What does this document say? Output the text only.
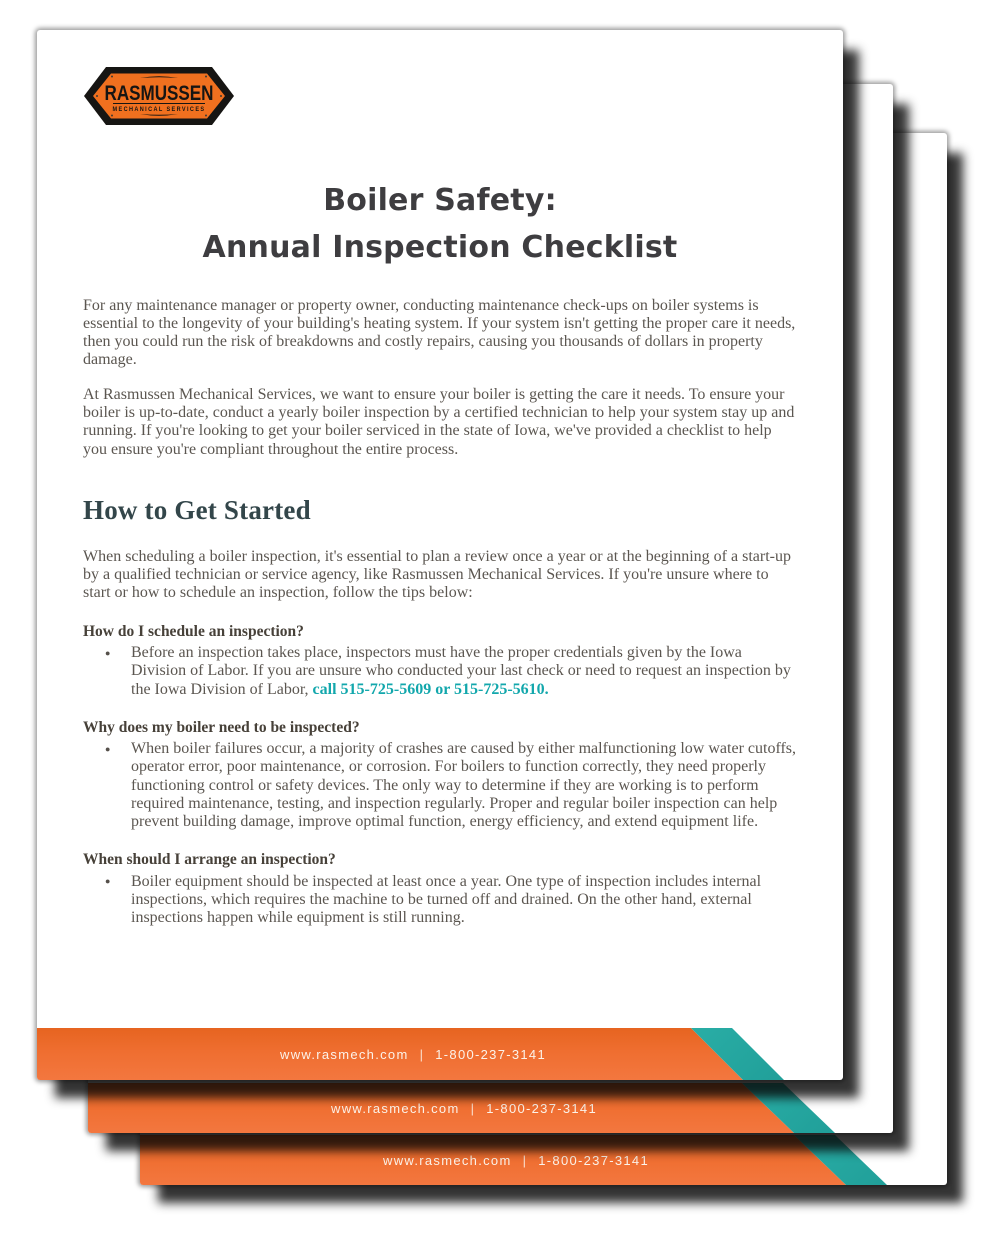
www.rasmech.com | 1-800-237-3141
www.rasmech.com | 1-800-237-3141
RASMUSSEN
MECHANICAL SERVICES
Boiler Safety:
Annual Inspection Checklist

For any maintenance manager or property owner, conducting maintenance check-ups on boiler systems is essential to the longevity of your building's heating system. If your system isn't getting the proper care it needs, then you could run the risk of breakdowns and costly repairs, causing you thousands of dollars in property damage.

At Rasmussen Mechanical Services, we want to ensure your boiler is getting the care it needs. To ensure your boiler is up-to-date, conduct a yearly boiler inspection by a certified technician to help your system stay up and running. If you're looking to get your boiler serviced in the state of Iowa, we've provided a checklist to help you ensure you're compliant throughout the entire process.

How to Get Started

When scheduling a boiler inspection, it's essential to plan a review once a year or at the beginning of a start-up by a qualified technician or service agency, like Rasmussen Mechanical Services. If you're unsure where to start or how to schedule an inspection, follow the tips below:

How do I schedule an inspection?

● Before an inspection takes place, inspectors must have the proper credentials given by the Iowa Division of Labor. If you are unsure who conducted your last check or need to request an inspection by the Iowa Division of Labor, call 515-725-5609 or 515-725-5610.

Why does my boiler need to be inspected?

● When boiler failures occur, a majority of crashes are caused by either malfunctioning low water cutoffs, operator error, poor maintenance, or corrosion. For boilers to function correctly, they need properly functioning control or safety devices. The only way to determine if they are working is to perform required maintenance, testing, and inspection regularly. Proper and regular boiler inspection can help prevent building damage, improve optimal function, energy efficiency, and extend equipment life.

When should I arrange an inspection?

● Boiler equipment should be inspected at least once a year. One type of inspection includes internal inspections, which requires the machine to be turned off and drained. On the other hand, external inspections happen while equipment is still running.
www.rasmech.com | 1-800-237-3141
